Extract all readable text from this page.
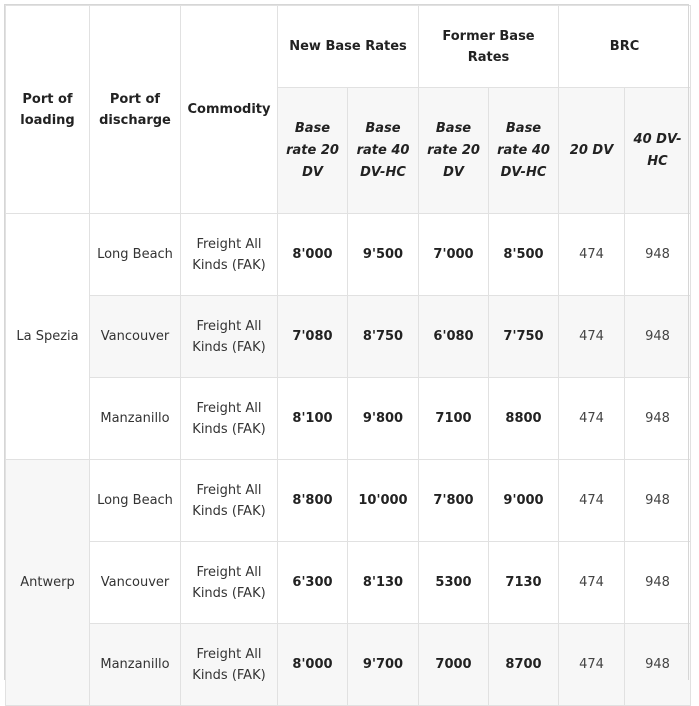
Port of loading	Port of discharge	Commodity	New Base Rates		Former Base Rates		BRC	
			Base rate 20 DV	Base rate 40 DV-HC	Base rate 20 DV	Base rate 40 DV-HC	20 DV	40 DV-HC
La Spezia	Long Beach	Freight All Kinds (FAK)	8'000	9'500	7'000	8'500	474	948
	Vancouver	Freight All Kinds (FAK)	7'080	8'750	6'080	7'750	474	948
	Manzanillo	Freight All Kinds (FAK)	8'100	9'800	7100	8800	474	948
Antwerp	Long Beach	Freight All Kinds (FAK)	8'800	10'000	7'800	9'000	474	948
	Vancouver	Freight All Kinds (FAK)	6'300	8'130	5300	7130	474	948
	Manzanillo	Freight All Kinds (FAK)	8'000	9'700	7000	8700	474	948
